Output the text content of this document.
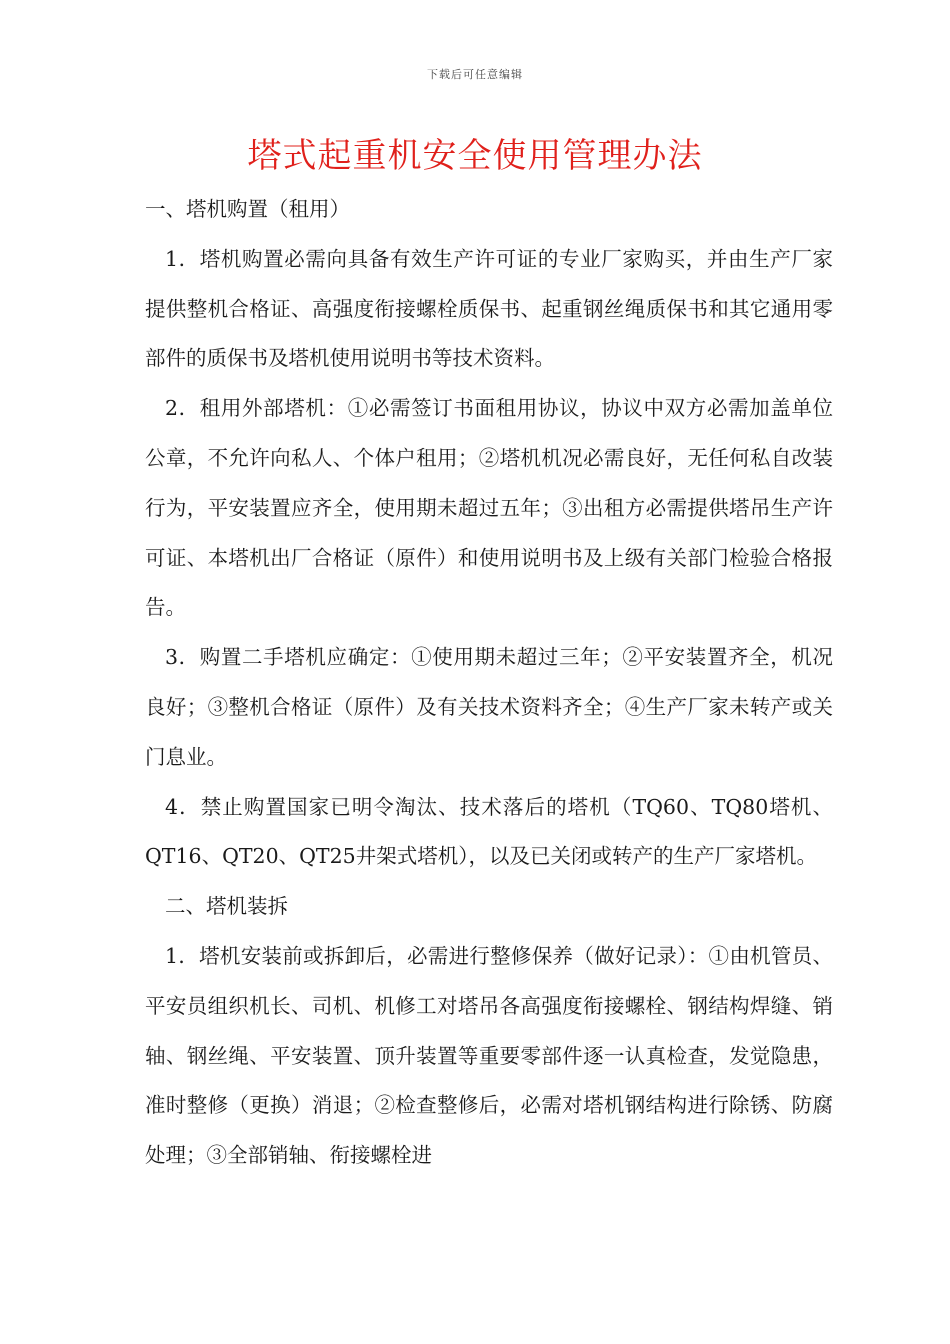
下载后可任意编辑
塔式起重机安全使用管理办法

一、塔机购置（租用）

1．塔机购置必需向具备有效生产许可证的专业厂家购买，并由生产厂家提供整机合格证、高强度衔接螺栓质保书、起重钢丝绳质保书和其它通用零部件的质保书及塔机使用说明书等技术资料。

2．租用外部塔机：①必需签订书面租用协议，协议中双方必需加盖单位公章，不允许向私人、个体户租用；②塔机机况必需良好，无任何私自改装行为，平安装置应齐全，使用期未超过五年；③出租方必需提供塔吊生产许可证、本塔机出厂合格证（原件）和使用说明书及上级有关部门检验合格报告。

3．购置二手塔机应确定：①使用期未超过三年；②平安装置齐全，机况良好；③整机合格证（原件）及有关技术资料齐全；④生产厂家未转产或关门息业。

4．禁止购置国家已明令淘汰、技术落后的塔机（TQ60、TQ80塔机、QT16、QT20、QT25井架式塔机），以及已关闭或转产的生产厂家塔机。

二、塔机装拆

1．塔机安装前或拆卸后，必需进行整修保养（做好记录）：①由机管员、平安员组织机长、司机、机修工对塔吊各高强度衔接螺栓、钢结构焊缝、销轴、钢丝绳、平安装置、顶升装置等重要零部件逐一认真检查，发觉隐患，准时整修（更换）消退；②检查整修后，必需对塔机钢结构进行除锈、防腐处理；③全部销轴、衔接螺栓进
